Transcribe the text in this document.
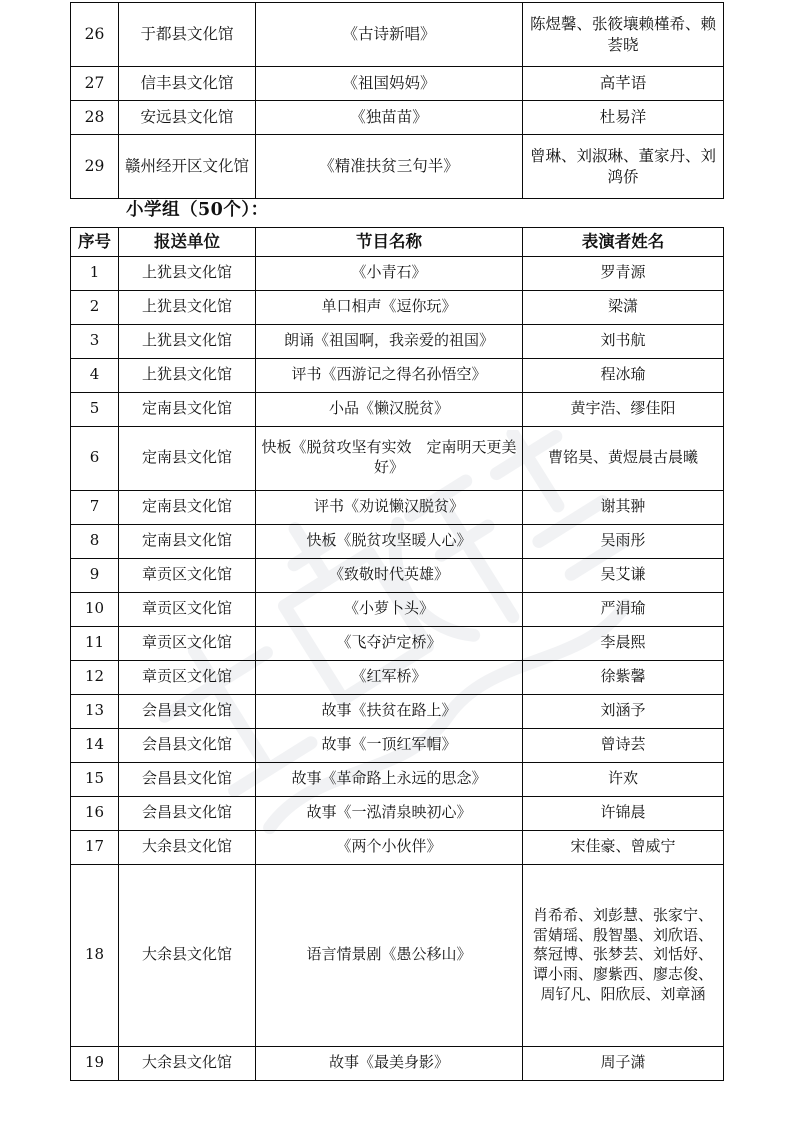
26	于都县文化馆	《古诗新唱》	陈煜馨、张筱壤赖槿希、赖荟晓
27	信丰县文化馆	《祖国妈妈》	高芊语
28	安远县文化馆	《独苗苗》	杜易洋
29	赣州经开区文化馆	《精准扶贫三句半》	曾琳、刘淑琳、董家丹、刘鸿侨
小学组（50个）：
序号	报送单位	节目名称	表演者姓名
1	上犹县文化馆	《小青石》	罗青源
2	上犹县文化馆	单口相声《逗你玩》	梁潇
3	上犹县文化馆	朗诵《祖国啊，我亲爱的祖国》	刘书航
4	上犹县文化馆	评书《西游记之得名孙悟空》	程冰瑜
5	定南县文化馆	小品《懒汉脱贫》	黄宇浩、缪佳阳
6	定南县文化馆	快板《脱贫攻坚有实效　定南明天更美好》	曹铭昊、黄煜晨古晨曦
7	定南县文化馆	评书《劝说懒汉脱贫》	谢其翀
8	定南县文化馆	快板《脱贫攻坚暖人心》	吴雨彤
9	章贡区文化馆	《致敬时代英雄》	吴艾谦
10	章贡区文化馆	《小萝卜头》	严涓瑜
11	章贡区文化馆	《飞夺泸定桥》	李晨熙
12	章贡区文化馆	《红军桥》	徐紫馨
13	会昌县文化馆	故事《扶贫在路上》	刘涵予
14	会昌县文化馆	故事《一顶红军帽》	曾诗芸
15	会昌县文化馆	故事《革命路上永远的思念》	许欢
16	会昌县文化馆	故事《一泓清泉映初心》	许锦晨
17	大余县文化馆	《两个小伙伴》	宋佳豪、曾威宁
18	大余县文化馆	语言情景剧《愚公移山》	肖希希、刘彭慧、张家宁、雷婧瑶、殷智墨、刘欣语、蔡冠博、张梦芸、刘恬妤、谭小雨、廖紫西、廖志俊、周钌凡、阳欣辰、刘章涵
19	大余县文化馆	故事《最美身影》	周子潇
